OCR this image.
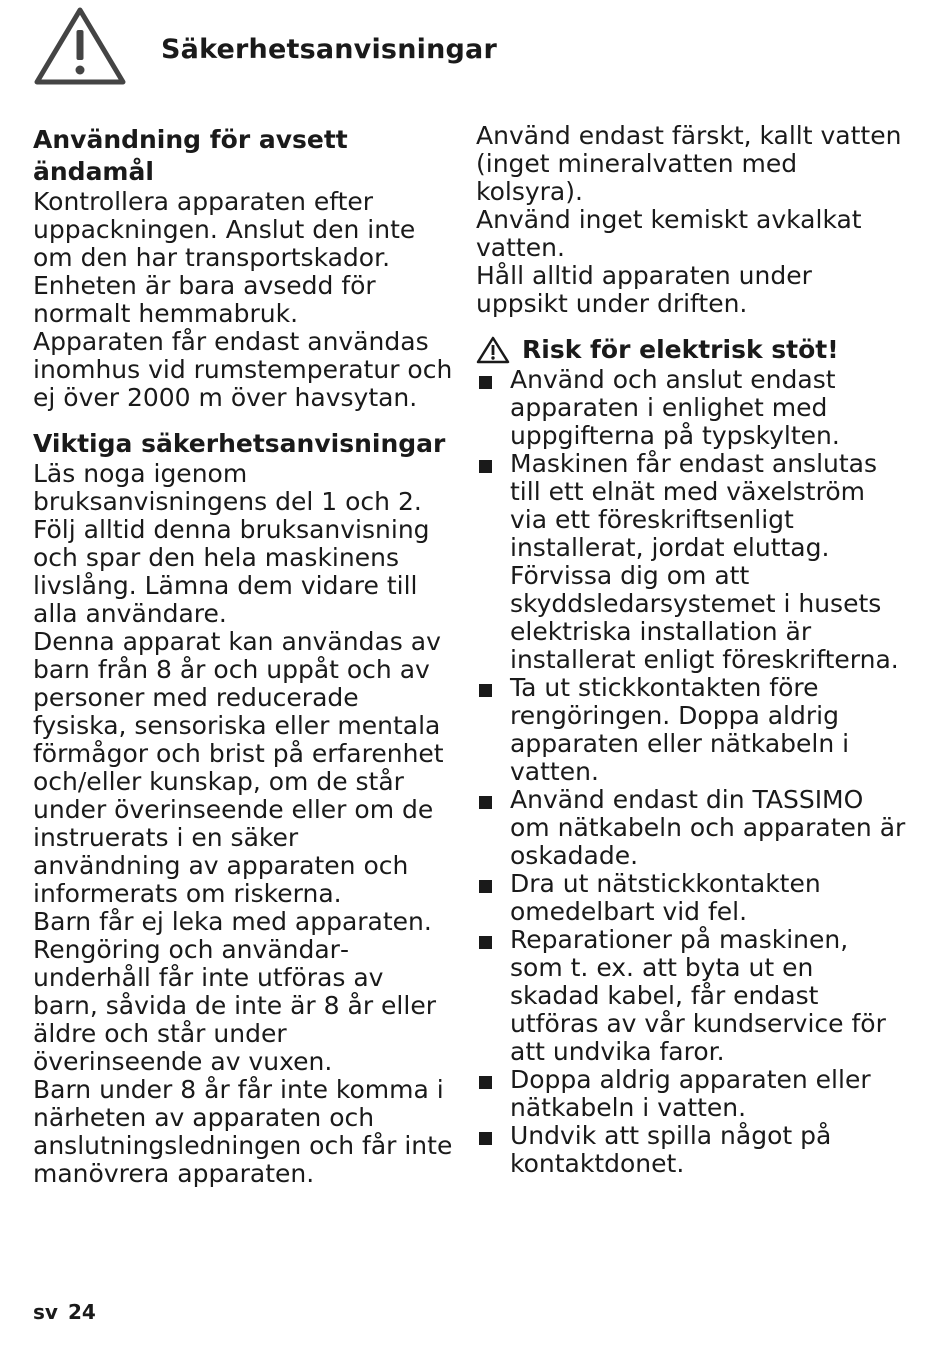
Säkerhetsanvisningar
Användning för avsett ändamål

Kontrollera apparaten efter uppackningen. Anslut den inte om den har transportskador.

Enheten är bara avsedd för normalt hemmabruk.

Apparaten får endast användas inomhus vid rumstemperatur och ej över 2000 m över havsytan.

Viktiga säkerhetsanvisningar

Läs noga igenom bruksanvisningens del 1 och 2. Följ alltid denna bruksanvisning och spar den hela maskinens livslång. Lämna dem vidare till alla användare.

Denna apparat kan användas av barn från 8 år och uppåt och av personer med reducerade fysiska, sensoriska eller mentala förmågor och brist på erfarenhet och/eller kunskap, om de står under överinseende eller om de instruerats i en säker användning av apparaten och informerats om riskerna.

Barn får ej leka med apparaten.

Rengöring och användarunderhåll får inte utföras av barn, såvida de inte är 8 år eller äldre och står under överinseende av vuxen.

Barn under 8 år får inte komma i närheten av apparaten och anslutningsledningen och får inte manövrera apparaten.

Använd endast färskt, kallt vatten (inget mineralvatten med kolsyra).

Använd inget kemiskt avkalkat vatten.

Håll alltid apparaten under uppsikt under driften.

Risk för elektrisk stöt!
Använd och anslut endast apparaten i enlighet med uppgifterna på typskylten.
Maskinen får endast anslutas till ett elnät med växelström via ett föreskriftsenligt installerat, jordat eluttag. Förvissa dig om att skyddsledarsystemet i husets elektriska installation är installerat enligt föreskrifterna.
Ta ut stickkontakten före rengöringen. Doppa aldrig apparaten eller nätkabeln i vatten.
Använd endast din TASSIMO om nätkabeln och apparaten är oskadade.
Dra ut nätstickkontakten omedelbart vid fel.
Reparationer på maskinen, som t. ex. att byta ut en skadad kabel, får endast utföras av vår kundservice för att undvika faror.
Doppa aldrig apparaten eller nätkabeln i vatten.
Undvik att spilla något på kontaktdonet.
sv 24
